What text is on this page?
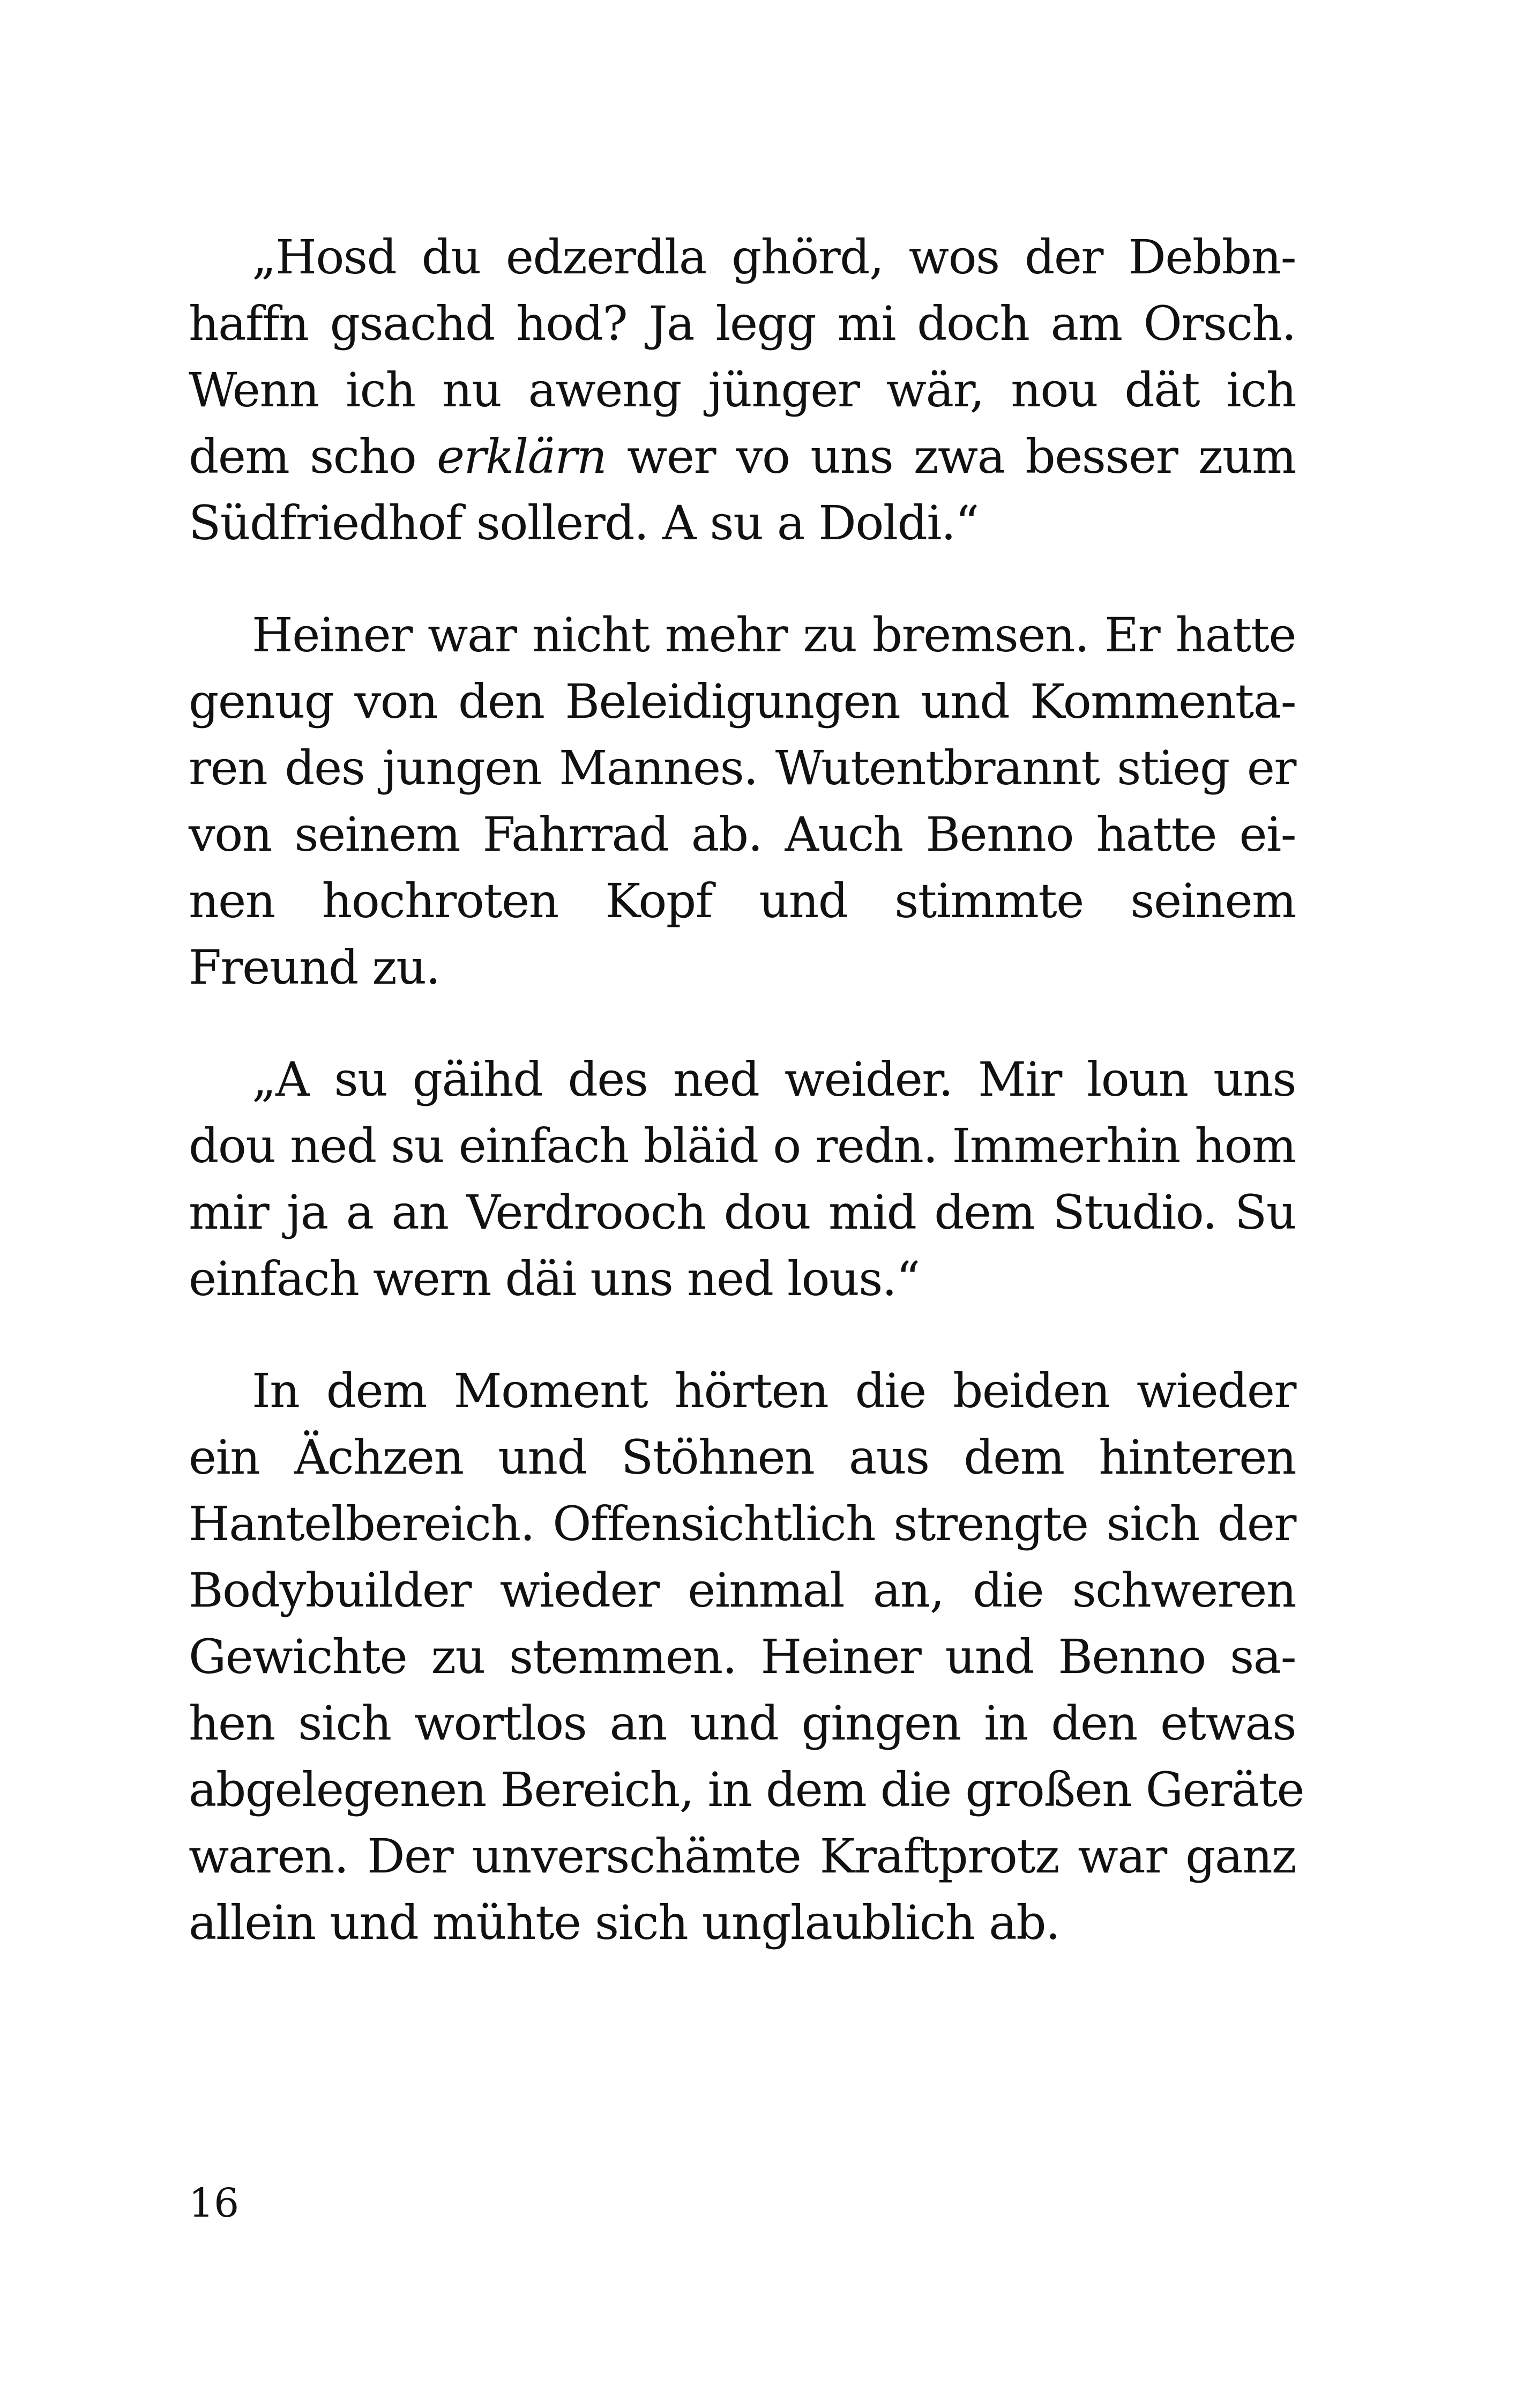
„Hosd du edzerdla ghörd, wos der Debbn-
haffn gsachd hod? Ja legg mi doch am Orsch.
Wenn ich nu aweng jünger wär, nou dät ich
dem scho erklärn wer vo uns zwa besser zum
Südfriedhof sollerd. A su a Doldi.“
Heiner war nicht mehr zu bremsen. Er hatte
genug von den Beleidigungen und Kommenta-
ren des jungen Mannes. Wutentbrannt stieg er
von seinem Fahrrad ab. Auch Benno hatte ei-
nen hochroten Kopf und stimmte seinem
Freund zu.
„A su gäihd des ned weider. Mir loun uns
dou ned su einfach bläid o redn. Immerhin hom
mir ja a an Verdrooch dou mid dem Studio. Su
einfach wern däi uns ned lous.“
In dem Moment hörten die beiden wieder
ein Ächzen und Stöhnen aus dem hinteren
Hantelbereich. Offensichtlich strengte sich der
Bodybuilder wieder einmal an, die schweren
Gewichte zu stemmen. Heiner und Benno sa-
hen sich wortlos an und gingen in den etwas
abgelegenen Bereich, in dem die großen Geräte
waren. Der unverschämte Kraftprotz war ganz
allein und mühte sich unglaublich ab.
16
